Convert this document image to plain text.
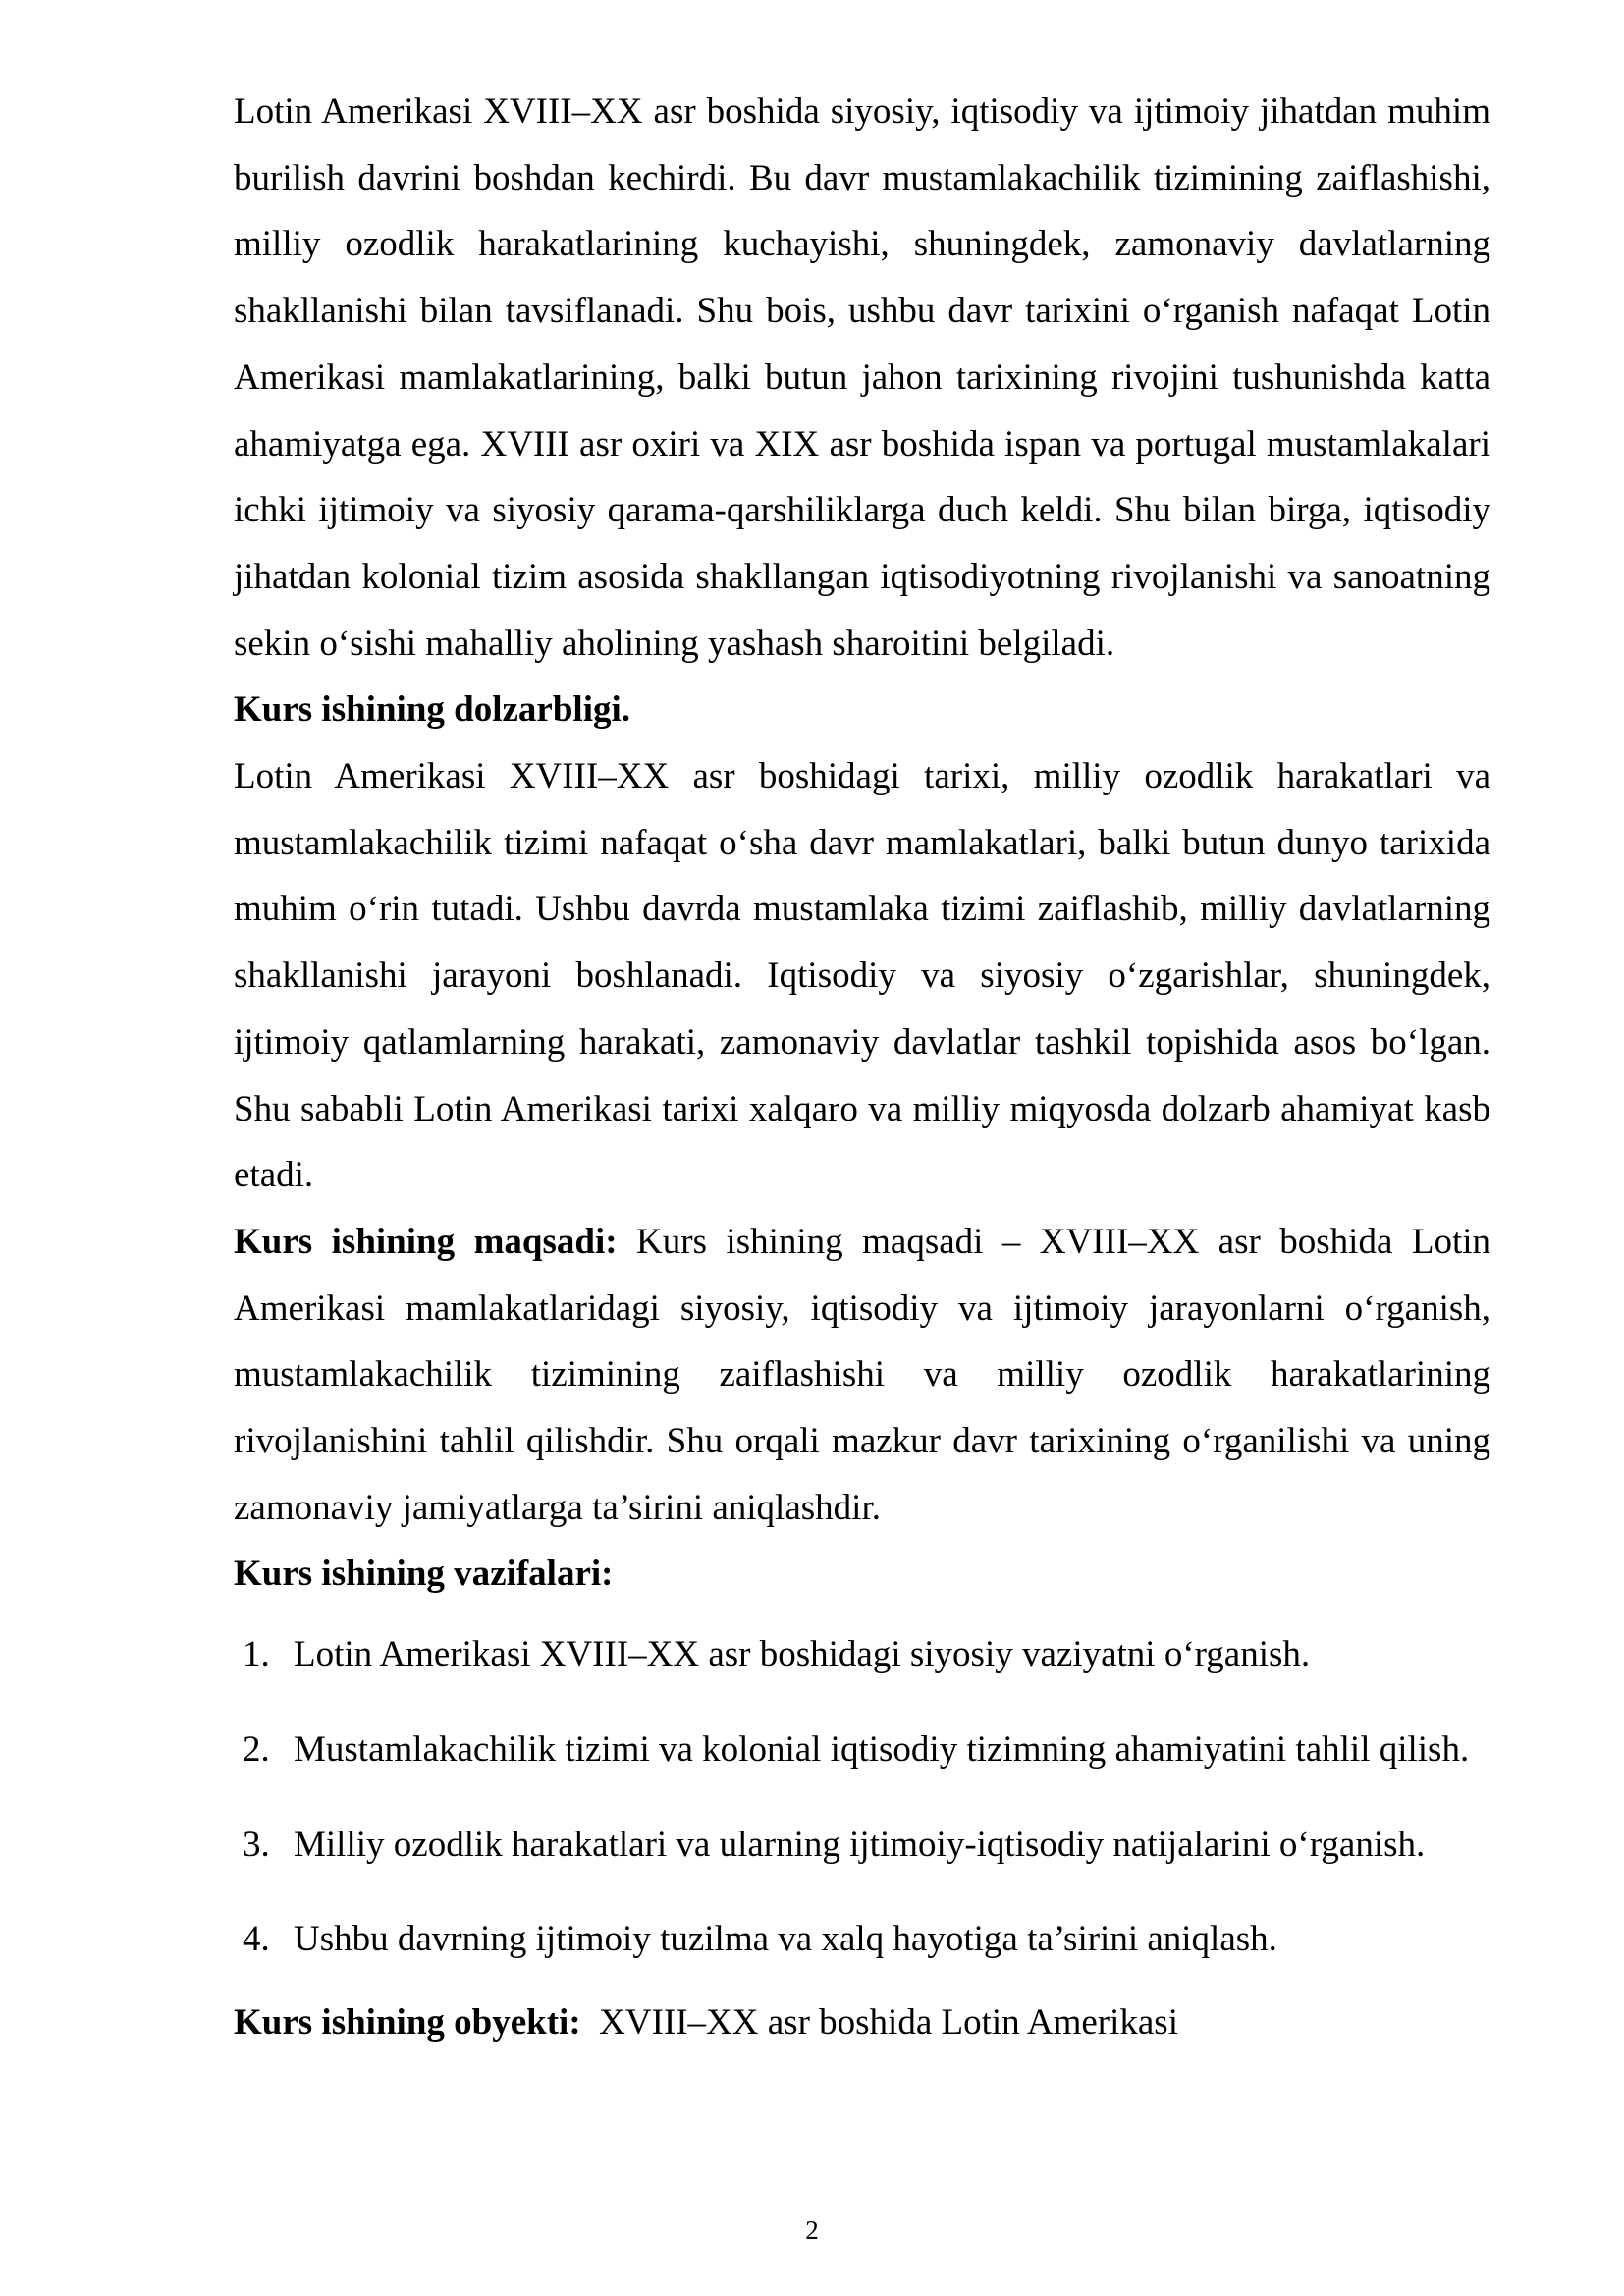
Lotin Amerikasi XVIII–XX asr boshida siyosiy, iqtisodiy va ijtimoiy jihatdan muhim burilish davrini boshdan kechirdi. Bu davr mustamlakachilik tizimining zaiflashishi, milliy ozodlik harakatlarining kuchayishi, shuningdek, zamonaviy davlatlarning shakllanishi bilan tavsiflanadi. Shu bois, ushbu davr tarixini oʻrganish nafaqat Lotin Amerikasi mamlakatlarining, balki butun jahon tarixining rivojini tushunishda katta ahamiyatga ega. XVIII asr oxiri va XIX asr boshida ispan va portugal mustamlakalari ichki ijtimoiy va siyosiy qarama-qarshiliklarga duch keldi. Shu bilan birga, iqtisodiy jihatdan kolonial tizim asosida shakllangan iqtisodiyotning rivojlanishi va sanoatning sekin oʻsishi mahalliy aholining yashash sharoitini belgiladi.

Kurs ishining dolzarbligi.

Lotin Amerikasi XVIII–XX asr boshidagi tarixi, milliy ozodlik harakatlari va mustamlakachilik tizimi nafaqat oʻsha davr mamlakatlari, balki butun dunyo tarixida muhim oʻrin tutadi. Ushbu davrda mustamlaka tizimi zaiflashib, milliy davlatlarning shakllanishi jarayoni boshlanadi. Iqtisodiy va siyosiy oʻzgarishlar, shuningdek, ijtimoiy qatlamlarning harakati, zamonaviy davlatlar tashkil topishida asos boʻlgan. Shu sababli Lotin Amerikasi tarixi xalqaro va milliy miqyosda dolzarb ahamiyat kasb etadi.

Kurs ishining maqsadi: Kurs ishining maqsadi – XVIII–XX asr boshida Lotin Amerikasi mamlakatlaridagi siyosiy, iqtisodiy va ijtimoiy jarayonlarni oʻrganish, mustamlakachilik tizimining zaiflashishi va milliy ozodlik harakatlarining rivojlanishini tahlil qilishdir. Shu orqali mazkur davr tarixining oʻrganilishi va uning zamonaviy jamiyatlarga ta’sirini aniqlashdir.

Kurs ishining vazifalari:

1. Lotin Amerikasi XVIII–XX asr boshidagi siyosiy vaziyatni oʻrganish.
2. Mustamlakachilik tizimi va kolonial iqtisodiy tizimning ahamiyatini tahlil qilish.
3. Milliy ozodlik harakatlari va ularning ijtimoiy-iqtisodiy natijalarini oʻrganish.
4. Ushbu davrning ijtimoiy tuzilma va xalq hayotiga ta’sirini aniqlash.

Kurs ishining obyekti: XVIII–XX asr boshida Lotin Amerikasi

2
